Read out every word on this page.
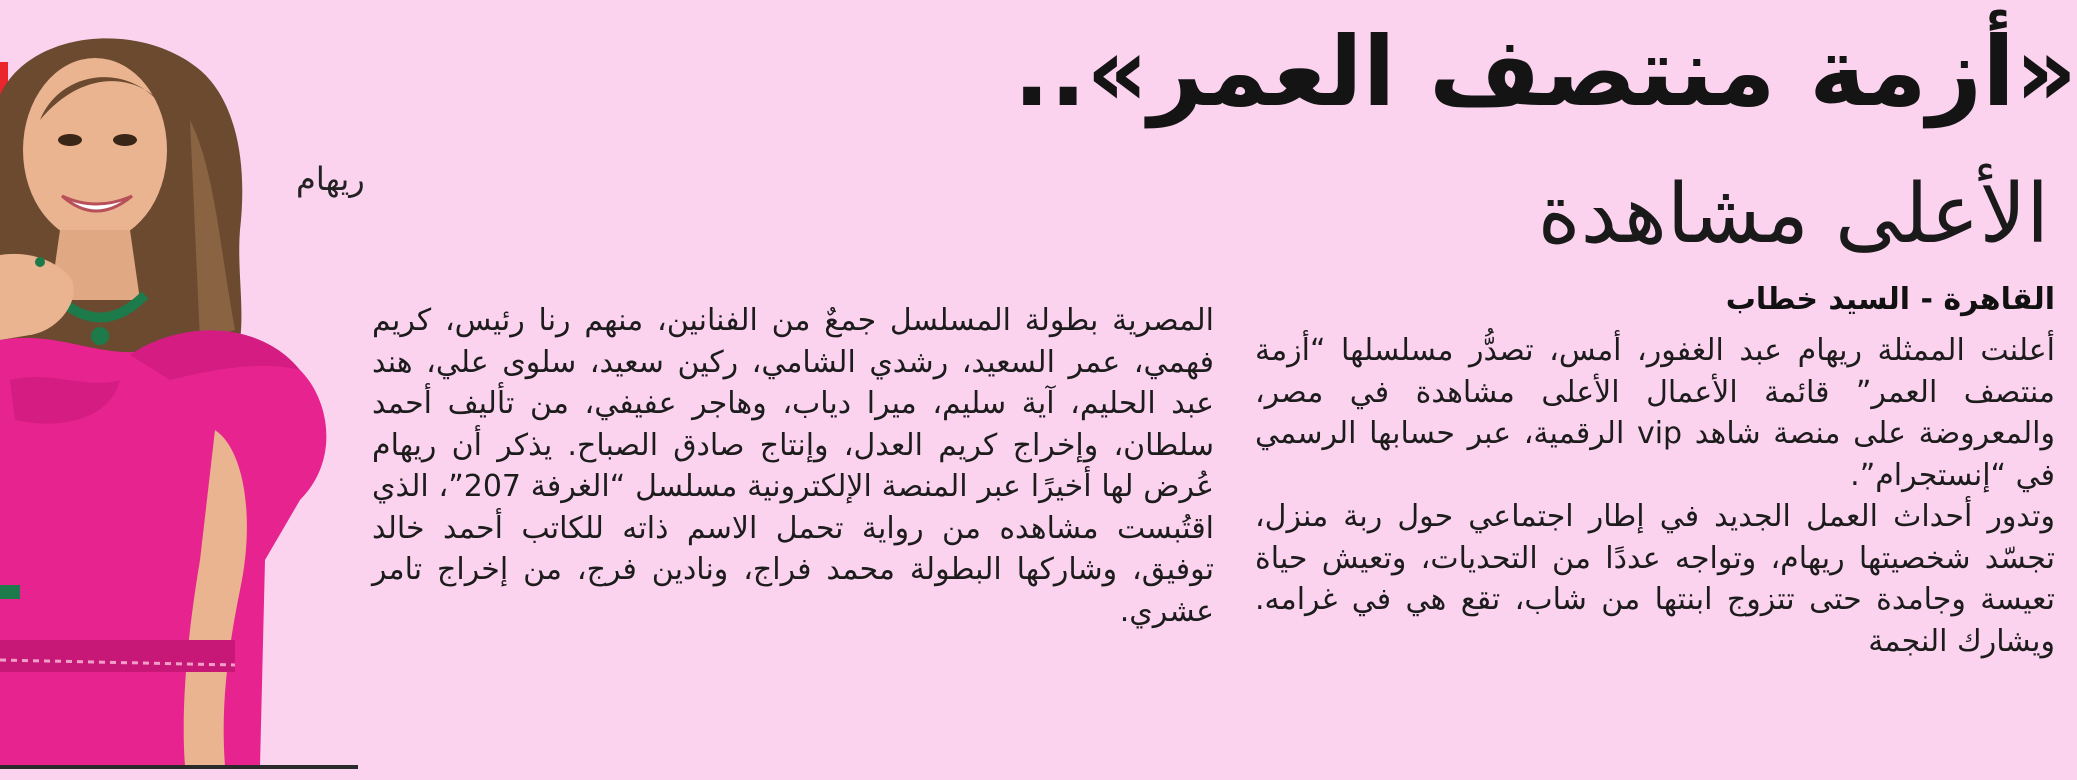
«أزمة منتصف العمر»..
الأعلى مشاهدة
القاهرة - السيد خطاب

أعلنت الممثلة ريهام عبد الغفور، أمس، تصدُّر مسلسلها “أزمة منتصف العمر” قائمة الأعمال الأعلى مشاهدة في مصر، والمعروضة على منصة شاهد vip الرقمية، عبر حسابها الرسمي في “إنستجرام”.

وتدور أحداث العمل الجديد في إطار اجتماعي حول ربة منزل، تجسّد شخصيتها ريهام، وتواجه عددًا من التحديات، وتعيش حياة تعيسة وجامدة حتى تتزوج ابنتها من شاب، تقع هي في غرامه. ويشارك النجمة

المصرية بطولة المسلسل جمعٌ من الفنانين، منهم رنا رئيس، كريم فهمي، عمر السعيد، رشدي الشامي، ركين سعيد، سلوى علي، هند عبد الحليم، آية سليم، ميرا دياب، وهاجر عفيفي، من تأليف أحمد سلطان، وإخراج كريم العدل، وإنتاج صادق الصباح. يذكر أن ريهام عُرض لها أخيرًا عبر المنصة الإلكترونية مسلسل “الغرفة 207”، الذي اقتُبست مشاهده من رواية تحمل الاسم ذاته للكاتب أحمد خالد توفيق، وشاركها البطولة محمد فراج، ونادين فرج، من إخراج تامر عشري.

ريهام
